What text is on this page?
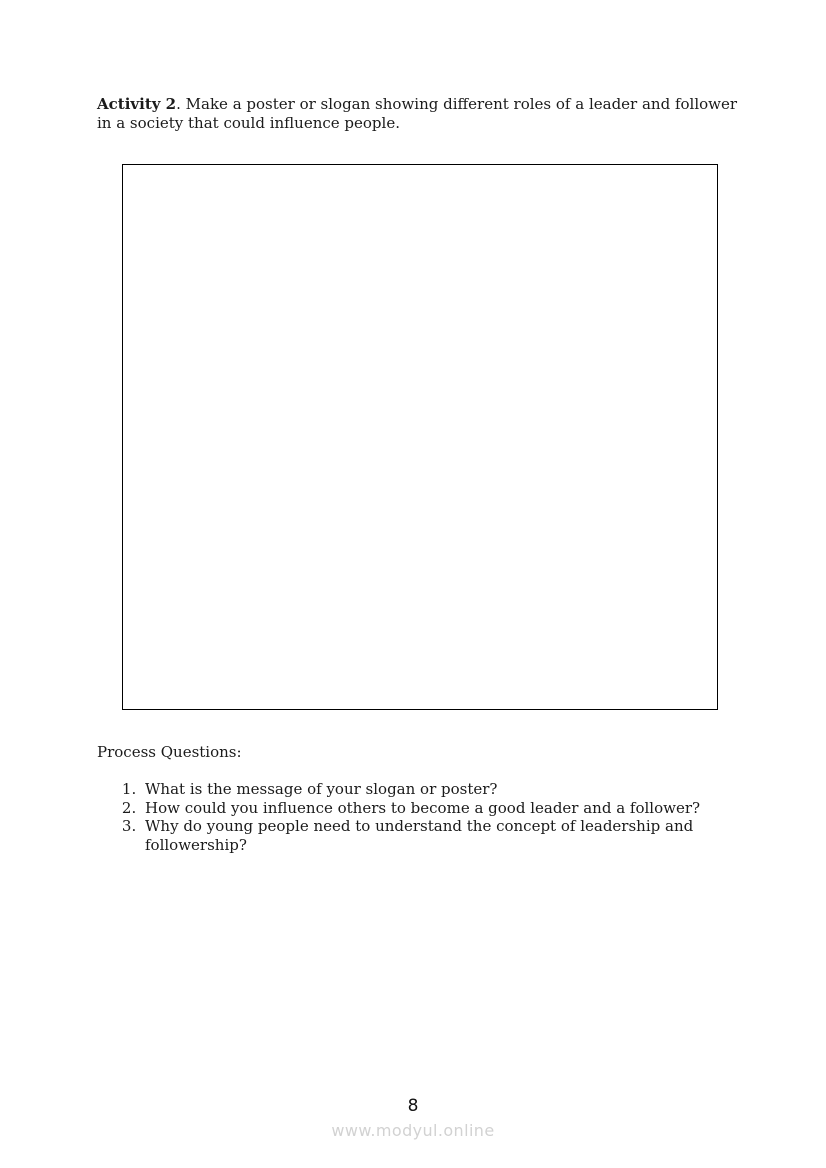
Activity 2. Make a poster or slogan showing different roles of a leader and follower
in a society that could influence people.

Process Questions:

1. What is the message of your slogan or poster?
2. How could you influence others to become a good leader and a follower?
3. Why do young people need to understand the concept of leadership and
followership?
8
www.modyul.online
